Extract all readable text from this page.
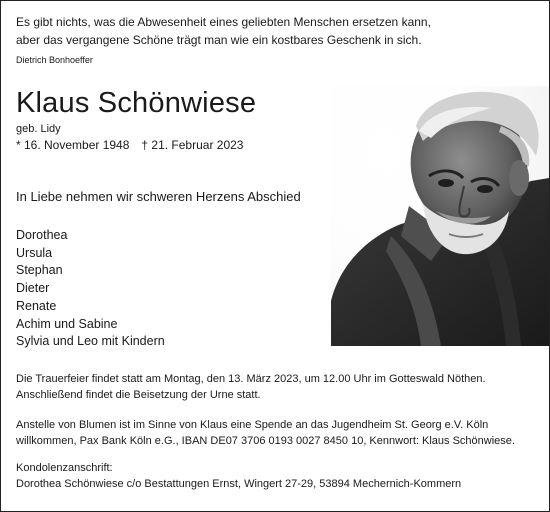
Es gibt nichts, was die Abwesenheit eines geliebten Menschen ersetzen kann,
aber das vergangene Schöne trägt man wie ein kostbares Geschenk in sich.
Dietrich Bonhoeffer
Klaus Schönwiese
geb. Lidy
* 16. November 1948 † 21. Februar 2023
In Liebe nehmen wir schweren Herzens Abschied
Dorothea
Ursula
Stephan
Dieter
Renate
Achim und Sabine
Sylvia und Leo mit Kindern
Die Trauerfeier findet statt am Montag, den 13. März 2023, um 12.00 Uhr im Gotteswald Nöthen.
Anschließend findet die Beisetzung der Urne statt.
Anstelle von Blumen ist im Sinne von Klaus eine Spende an das Jugendheim St. Georg e.V. Köln
willkommen, Pax Bank Köln e.G., IBAN DE07 3706 0193 0027 8450 10, Kennwort: Klaus Schönwiese.
Kondolenzanschrift:
Dorothea Schönwiese c/o Bestattungen Ernst, Wingert 27-29, 53894 Mechernich-Kommern
